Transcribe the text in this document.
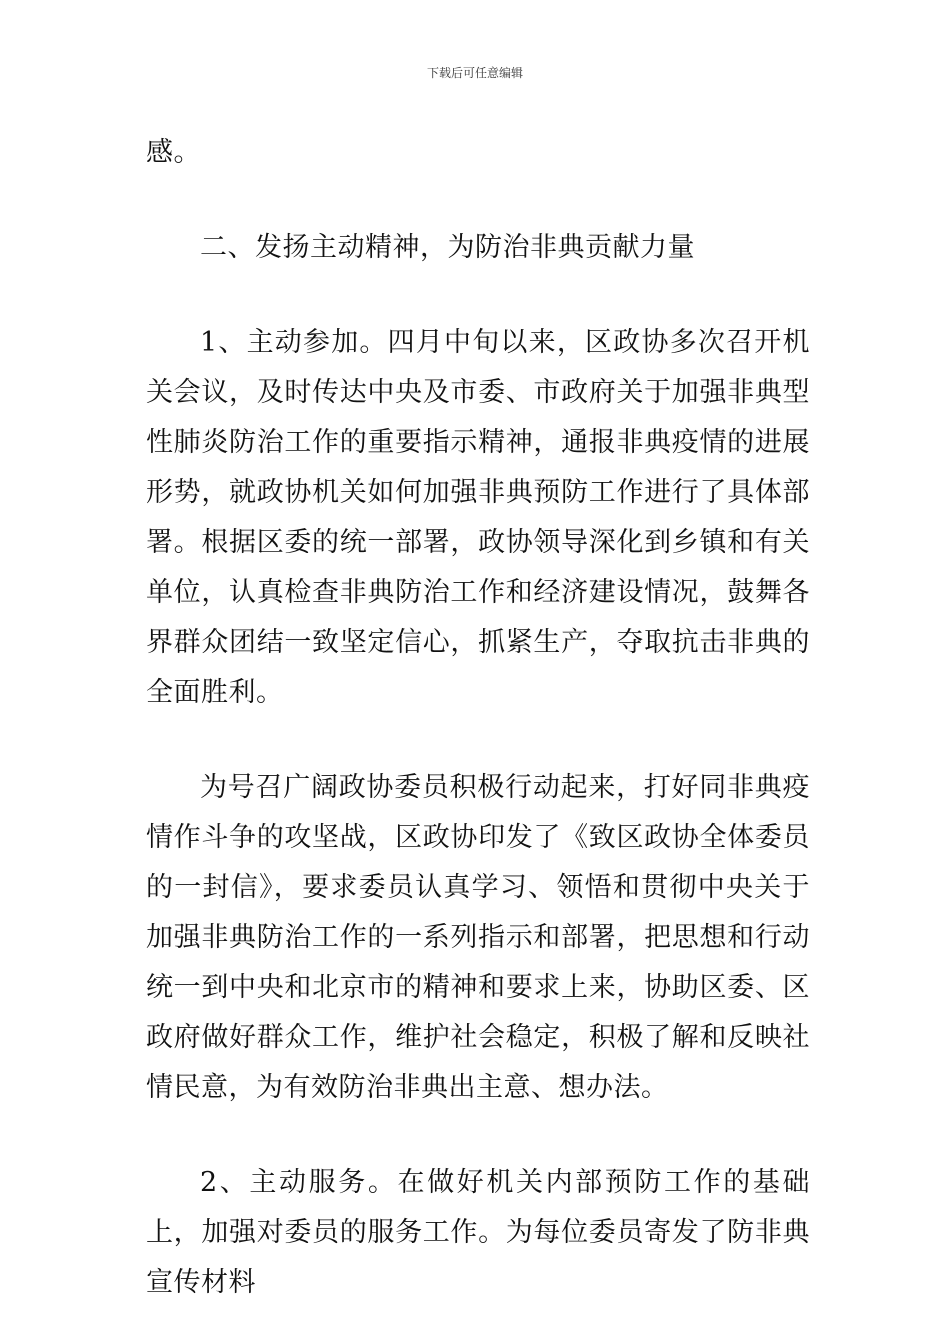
下载后可任意编辑

感。

二、发扬主动精神，为防治非典贡献力量

1、主动参加。四月中旬以来，区政协多次召开机关会议，及时传达中央及市委、市政府关于加强非典型性肺炎防治工作的重要指示精神，通报非典疫情的进展形势，就政协机关如何加强非典预防工作进行了具体部署。根据区委的统一部署，政协领导深化到乡镇和有关单位，认真检查非典防治工作和经济建设情况，鼓舞各界群众团结一致坚定信心，抓紧生产，夺取抗击非典的全面胜利。

为号召广阔政协委员积极行动起来，打好同非典疫情作斗争的攻坚战，区政协印发了《致区政协全体委员的一封信》，要求委员认真学习、领悟和贯彻中央关于加强非典防治工作的一系列指示和部署，把思想和行动统一到中央和北京市的精神和要求上来，协助区委、区政府做好群众工作，维护社会稳定，积极了解和反映社情民意，为有效防治非典出主意、想办法。

2、主动服务。在做好机关内部预防工作的基础上，加强对委员的服务工作。为每位委员寄发了防非典宣传材料
